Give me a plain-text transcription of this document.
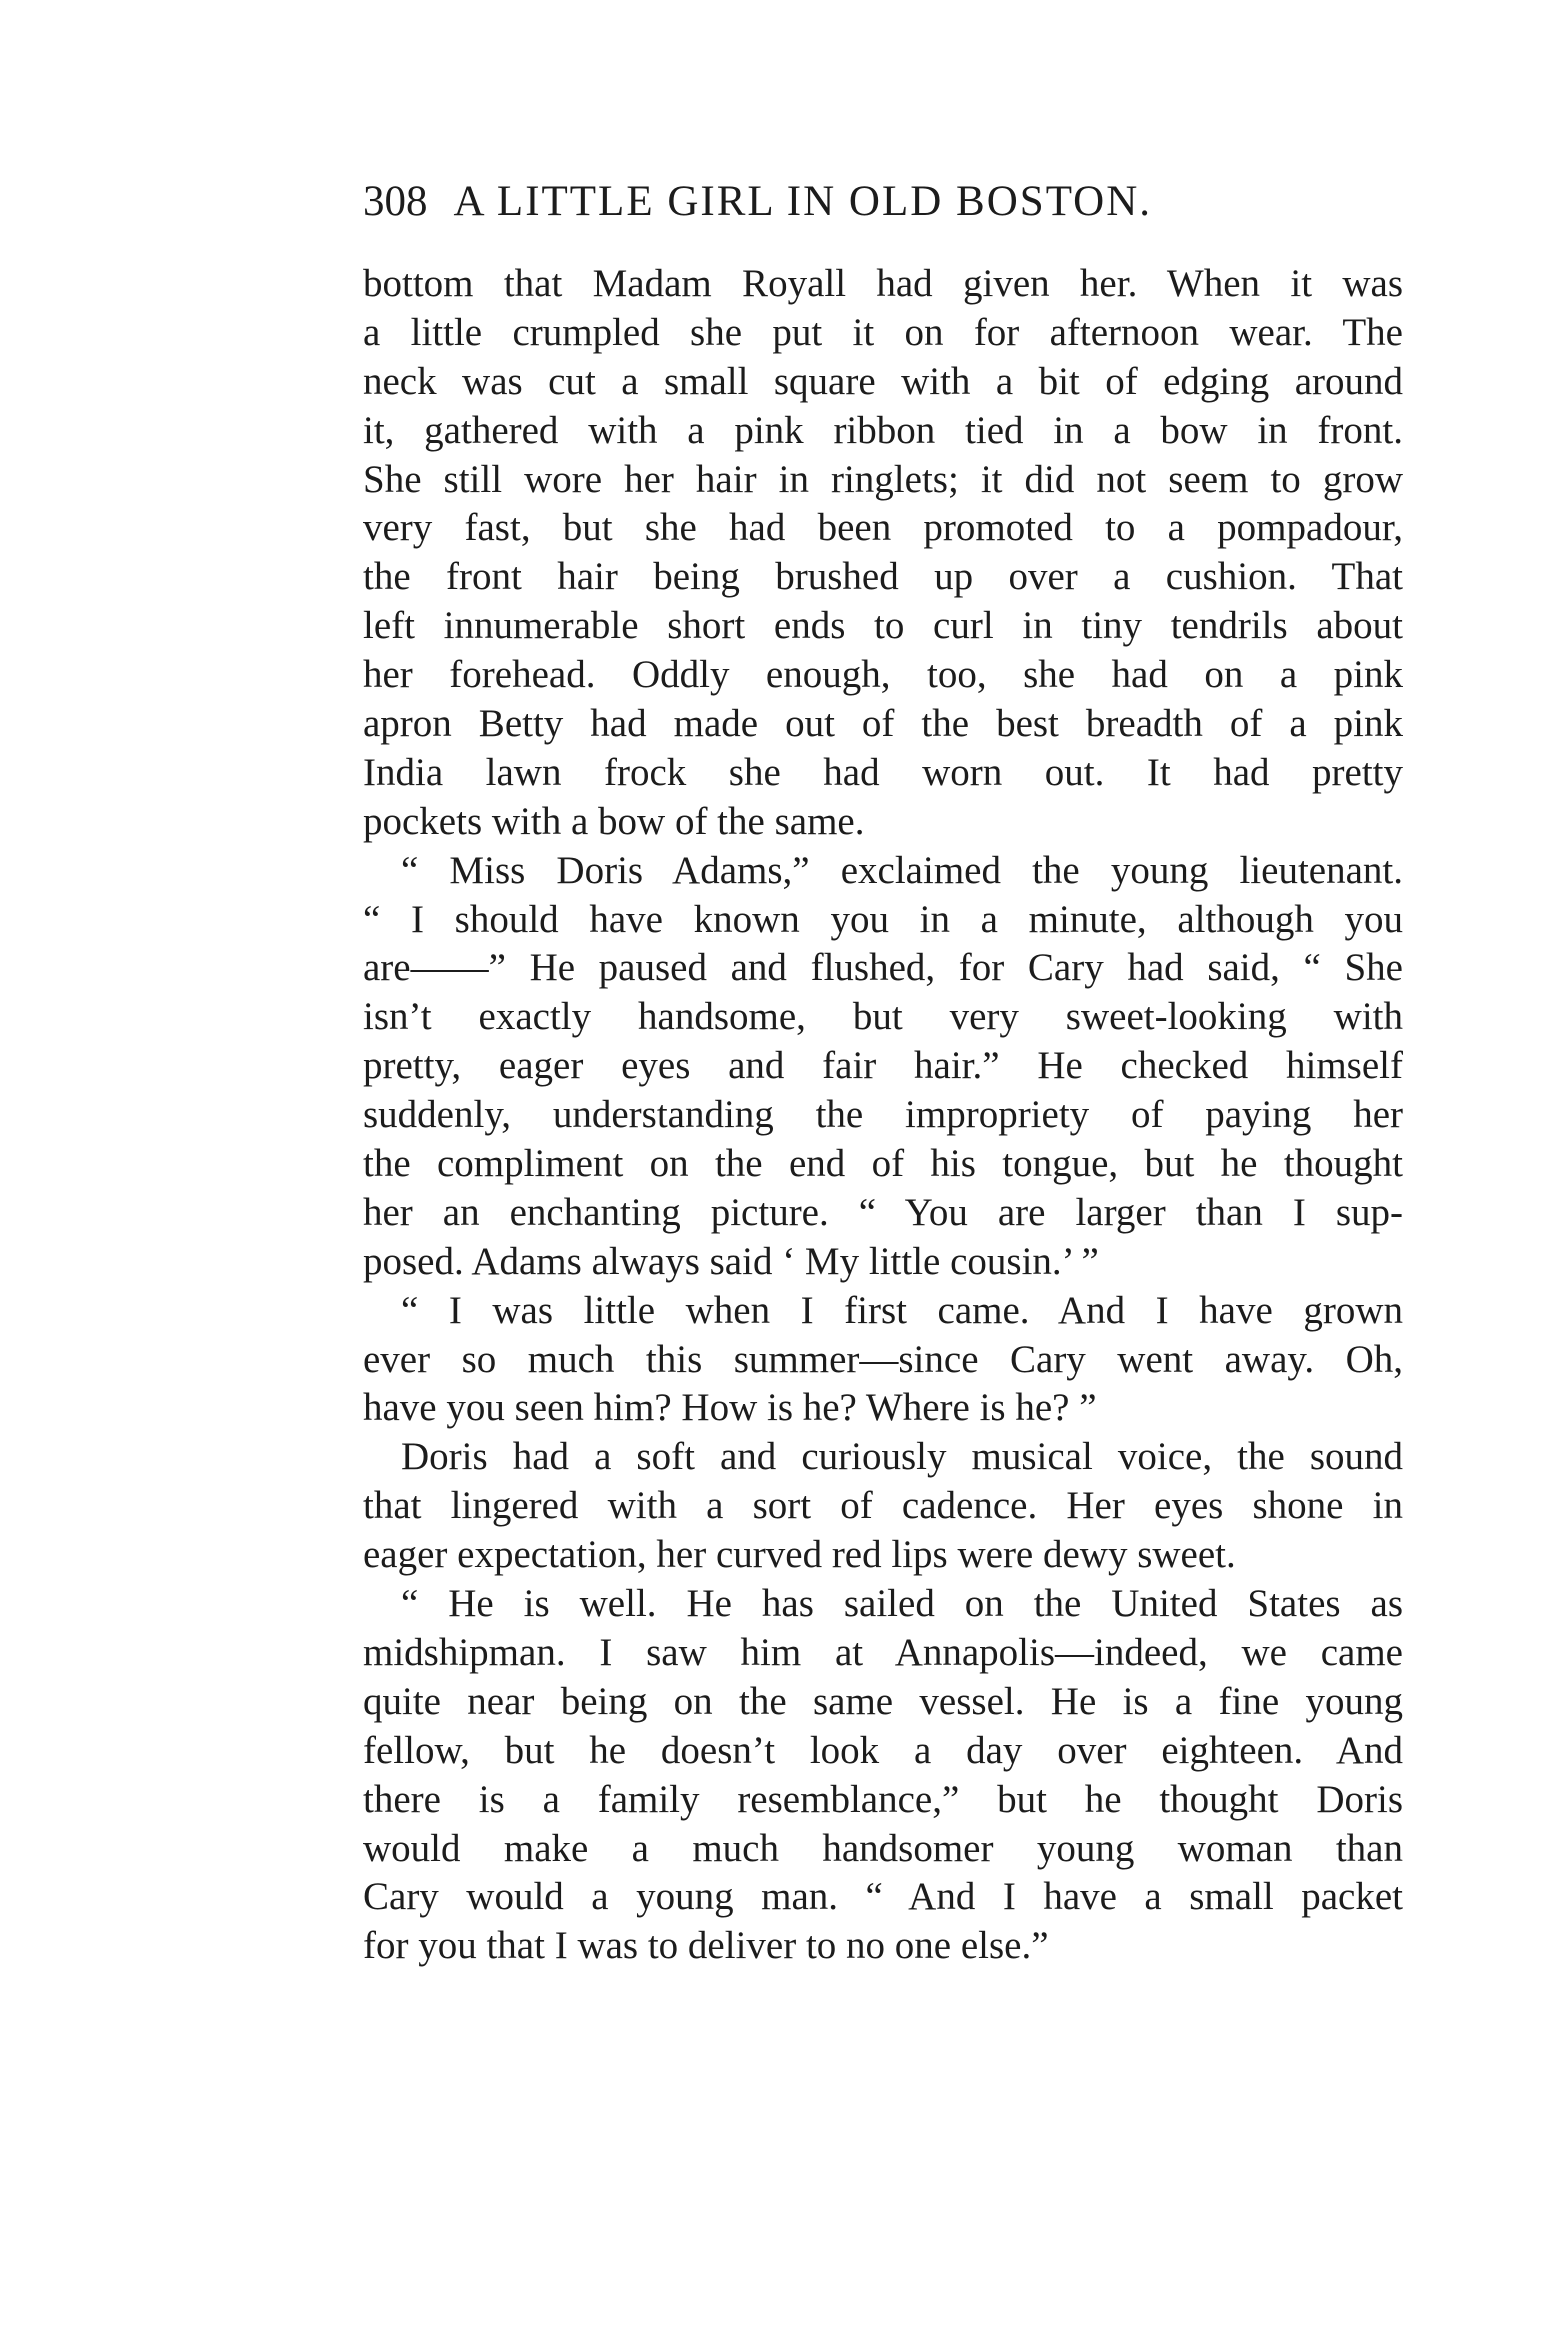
308 A LITTLE GIRL IN OLD BOSTON.
bottom that Madam Royall had given her. When it was
a little crumpled she put it on for afternoon wear. The
neck was cut a small square with a bit of edging around
it, gathered with a pink ribbon tied in a bow in front.
She still wore her hair in ringlets; it did not seem to grow
very fast, but she had been promoted to a pompadour,
the front hair being brushed up over a cushion. That
left innumerable short ends to curl in tiny tendrils about
her forehead. Oddly enough, too, she had on a pink
apron Betty had made out of the best breadth of a pink
India lawn frock she had worn out. It had pretty
pockets with a bow of the same.
“ Miss Doris Adams,” exclaimed the young lieutenant.
“ I should have known you in a minute, although you
are——” He paused and flushed, for Cary had said, “ She
isn’t exactly handsome, but very sweet-looking with
pretty, eager eyes and fair hair.” He checked himself
suddenly, understanding the impropriety of paying her
the compliment on the end of his tongue, but he thought
her an enchanting picture. “ You are larger than I sup-
posed. Adams always said ‘ My little cousin.’ ”
“ I was little when I first came. And I have grown
ever so much this summer—since Cary went away. Oh,
have you seen him? How is he? Where is he? ”
Doris had a soft and curiously musical voice, the sound
that lingered with a sort of cadence. Her eyes shone in
eager expectation, her curved red lips were dewy sweet.
“ He is well. He has sailed on the United States as
midshipman. I saw him at Annapolis—indeed, we came
quite near being on the same vessel. He is a fine young
fellow, but he doesn’t look a day over eighteen. And
there is a family resemblance,” but he thought Doris
would make a much handsomer young woman than
Cary would a young man. “ And I have a small packet
for you that I was to deliver to no one else.”
